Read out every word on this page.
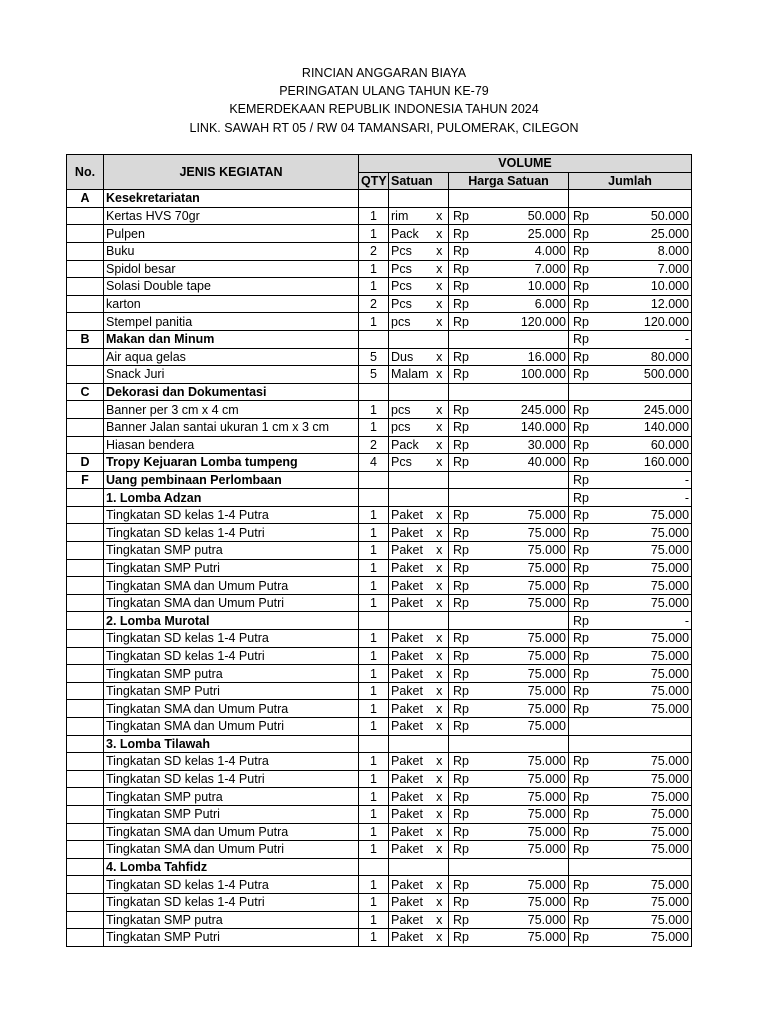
RINCIAN ANGGARAN BIAYA
PERINGATAN ULANG TAHUN KE-79
KEMERDEKAAN REPUBLIK INDONESIA TAHUN 2024
LINK. SAWAH RT 05 / RW 04 TAMANSARI, PULOMERAK, CILEGON
No.	JENIS KEGIATAN	VOLUME						
		QTY	Satuan		Harga Satuan		Jumlah	
A	Kesekretariatan							
	Kertas HVS 70gr	1	rim	x	Rp	50.000	Rp	50.000
	Pulpen	1	Pack	x	Rp	25.000	Rp	25.000
	Buku	2	Pcs	x	Rp	4.000	Rp	8.000
	Spidol besar	1	Pcs	x	Rp	7.000	Rp	7.000
	Solasi Double tape	1	Pcs	x	Rp	10.000	Rp	10.000
	karton	2	Pcs	x	Rp	6.000	Rp	12.000
	Stempel panitia	1	pcs	x	Rp	120.000	Rp	120.000
B	Makan dan Minum						Rp	-
	Air aqua gelas	5	Dus	x	Rp	16.000	Rp	80.000
	Snack Juri	5	Malam	x	Rp	100.000	Rp	500.000
C	Dekorasi dan Dokumentasi							
	Banner per 3 cm x 4 cm	1	pcs	x	Rp	245.000	Rp	245.000
	Banner Jalan santai ukuran 1 cm x 3 cm	1	pcs	x	Rp	140.000	Rp	140.000
	Hiasan bendera	2	Pack	x	Rp	30.000	Rp	60.000
D	Tropy Kejuaran Lomba tumpeng	4	Pcs	x	Rp	40.000	Rp	160.000
F	Uang pembinaan Perlombaan						Rp	-
	1. Lomba Adzan						Rp	-
	Tingkatan SD kelas 1-4 Putra	1	Paket	x	Rp	75.000	Rp	75.000
	Tingkatan SD kelas 1-4 Putri	1	Paket	x	Rp	75.000	Rp	75.000
	Tingkatan SMP putra	1	Paket	x	Rp	75.000	Rp	75.000
	Tingkatan SMP Putri	1	Paket	x	Rp	75.000	Rp	75.000
	Tingkatan SMA dan Umum Putra	1	Paket	x	Rp	75.000	Rp	75.000
	Tingkatan SMA dan Umum Putri	1	Paket	x	Rp	75.000	Rp	75.000
	2. Lomba Murotal						Rp	-
	Tingkatan SD kelas 1-4 Putra	1	Paket	x	Rp	75.000	Rp	75.000
	Tingkatan SD kelas 1-4 Putri	1	Paket	x	Rp	75.000	Rp	75.000
	Tingkatan SMP putra	1	Paket	x	Rp	75.000	Rp	75.000
	Tingkatan SMP Putri	1	Paket	x	Rp	75.000	Rp	75.000
	Tingkatan SMA dan Umum Putra	1	Paket	x	Rp	75.000	Rp	75.000
	Tingkatan SMA dan Umum Putri	1	Paket	x	Rp	75.000		
	3. Lomba Tilawah							
	Tingkatan SD kelas 1-4 Putra	1	Paket	x	Rp	75.000	Rp	75.000
	Tingkatan SD kelas 1-4 Putri	1	Paket	x	Rp	75.000	Rp	75.000
	Tingkatan SMP putra	1	Paket	x	Rp	75.000	Rp	75.000
	Tingkatan SMP Putri	1	Paket	x	Rp	75.000	Rp	75.000
	Tingkatan SMA dan Umum Putra	1	Paket	x	Rp	75.000	Rp	75.000
	Tingkatan SMA dan Umum Putri	1	Paket	x	Rp	75.000	Rp	75.000
	4. Lomba Tahfidz							
	Tingkatan SD kelas 1-4 Putra	1	Paket	x	Rp	75.000	Rp	75.000
	Tingkatan SD kelas 1-4 Putri	1	Paket	x	Rp	75.000	Rp	75.000
	Tingkatan SMP putra	1	Paket	x	Rp	75.000	Rp	75.000
	Tingkatan SMP Putri	1	Paket	x	Rp	75.000	Rp	75.000
